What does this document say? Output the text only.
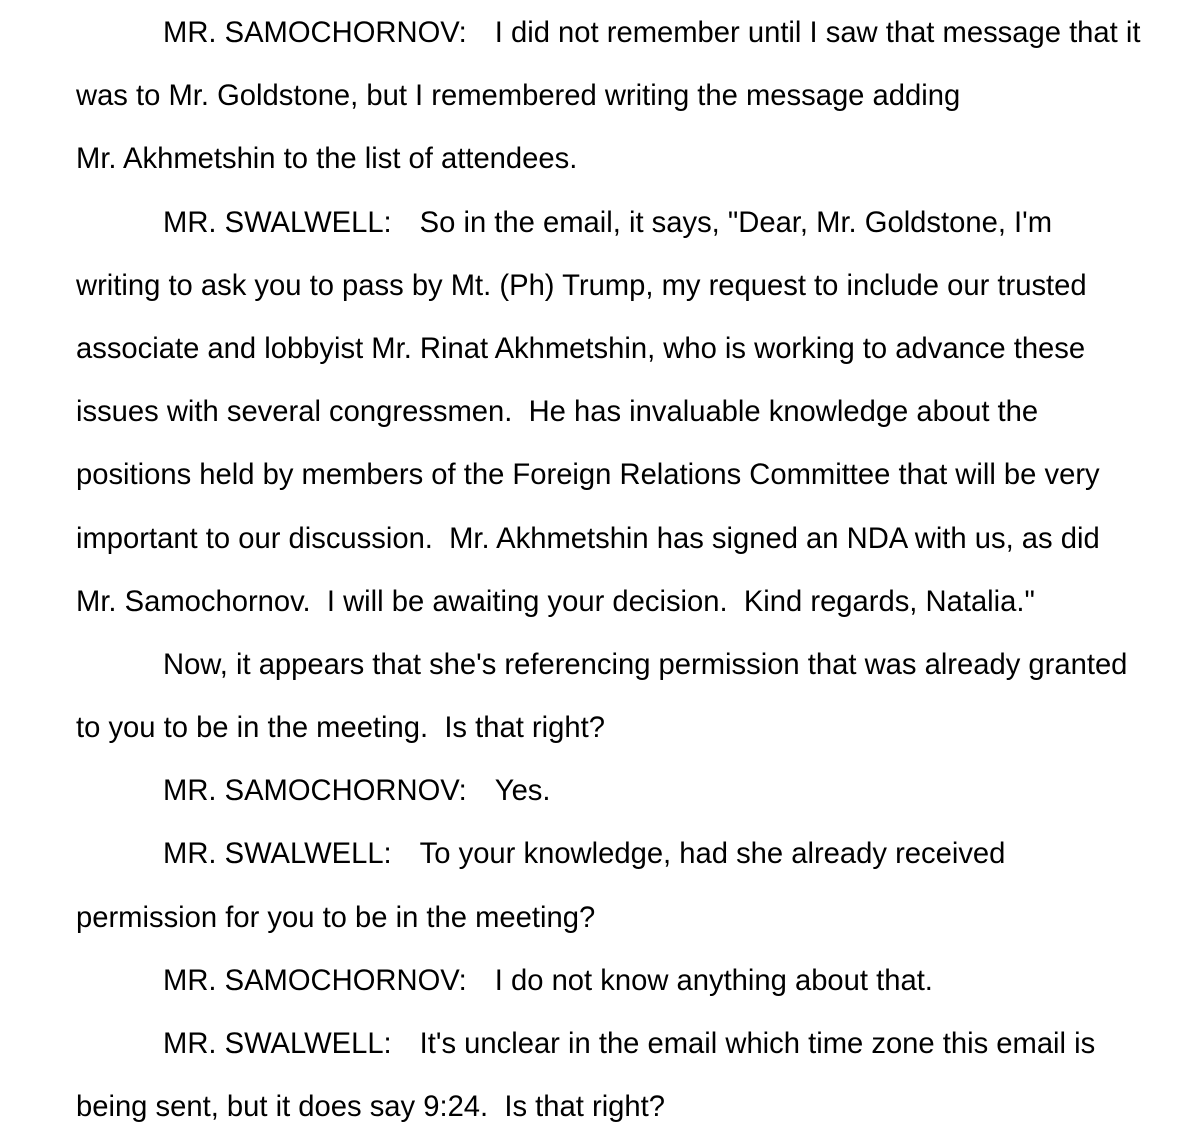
MR. SAMOCHORNOV: I did not remember until I saw that message that it
was to Mr. Goldstone, but I remembered writing the message adding
Mr. Akhmetshin to the list of attendees.
MR. SWALWELL: So in the email, it says, "Dear, Mr. Goldstone, I'm
writing to ask you to pass by Mt. (Ph) Trump, my request to include our trusted
associate and lobbyist Mr. Rinat Akhmetshin, who is working to advance these
issues with several congressmen.  He has invaluable knowledge about the
positions held by members of the Foreign Relations Committee that will be very
important to our discussion.  Mr. Akhmetshin has signed an NDA with us, as did
Mr. Samochornov.  I will be awaiting your decision.  Kind regards, Natalia."
Now, it appears that she's referencing permission that was already granted
to you to be in the meeting.  Is that right?
MR. SAMOCHORNOV: Yes.
MR. SWALWELL: To your knowledge, had she already received
permission for you to be in the meeting?
MR. SAMOCHORNOV: I do not know anything about that.
MR. SWALWELL: It's unclear in the email which time zone this email is
being sent, but it does say 9:24.  Is that right?
